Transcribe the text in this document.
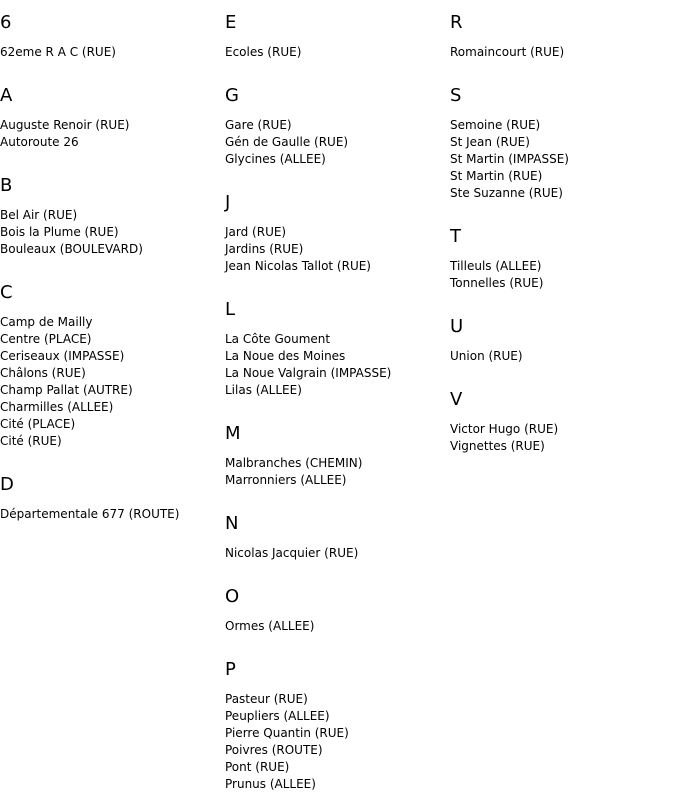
6
62eme R A C (RUE)
A
Auguste Renoir (RUE)
Autoroute 26
B
Bel Air (RUE)
Bois la Plume (RUE)
Bouleaux (BOULEVARD)
C
Camp de Mailly
Centre (PLACE)
Ceriseaux (IMPASSE)
Châlons (RUE)
Champ Pallat (AUTRE)
Charmilles (ALLEE)
Cité (PLACE)
Cité (RUE)
D
Départementale 677 (ROUTE)
E
Ecoles (RUE)
G
Gare (RUE)
Gén de Gaulle (RUE)
Glycines (ALLEE)
J
Jard (RUE)
Jardins (RUE)
Jean Nicolas Tallot (RUE)
L
La Côte Goument
La Noue des Moines
La Noue Valgrain (IMPASSE)
Lilas (ALLEE)
M
Malbranches (CHEMIN)
Marronniers (ALLEE)
N
Nicolas Jacquier (RUE)
O
Ormes (ALLEE)
P
Pasteur (RUE)
Peupliers (ALLEE)
Pierre Quantin (RUE)
Poivres (ROUTE)
Pont (RUE)
Prunus (ALLEE)
R
Romaincourt (RUE)
S
Semoine (RUE)
St Jean (RUE)
St Martin (IMPASSE)
St Martin (RUE)
Ste Suzanne (RUE)
T
Tilleuls (ALLEE)
Tonnelles (RUE)
U
Union (RUE)
V
Victor Hugo (RUE)
Vignettes (RUE)
